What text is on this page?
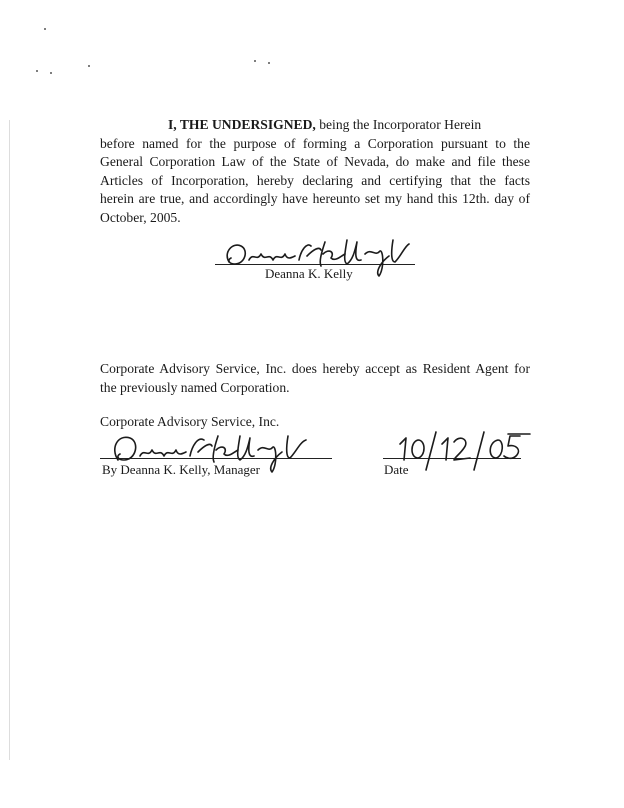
I, THE UNDERSIGNED, being the Incorporator Herein
before named for the purpose of forming a Corporation pursuant to the
General Corporation Law of the State of Nevada, do make and file these
Articles of Incorporation, hereby declaring and certifying that the facts
herein are true, and accordingly have hereunto set my hand this 12th. day of
October, 2005.
Deanna K. Kelly
Corporate Advisory Service, Inc. does hereby accept as Resident Agent for
the previously named Corporation.
Corporate Advisory Service, Inc.
By Deanna K. Kelly, Manager	Date
